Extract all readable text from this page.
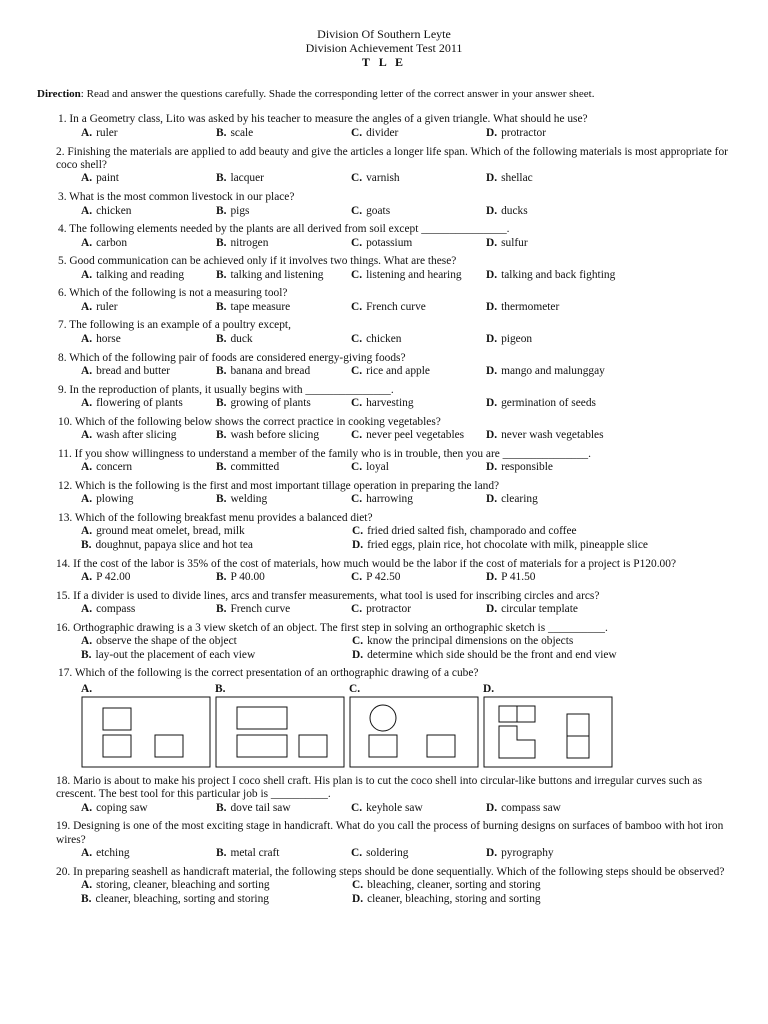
Division Of Southern Leyte
Division Achievement Test 2011
T L E
Direction: Read and answer the questions carefully. Shade the corresponding letter of the correct answer in your answer sheet.
1. In a Geometry class, Lito was asked by his teacher to measure the angles of a given triangle. What should he use?
A. ruler	B. scale	C. divider	D. protractor
2. Finishing the materials are applied to add beauty and give the articles a longer life span. Which of the following materials is most appropriate for coco shell?
A. paint	B. lacquer	C. varnish	D. shellac
3. What is the most common livestock in our place?
A. chicken	B. pigs	C. goats	D. ducks
4. The following elements needed by the plants are all derived from soil except _______________.
A. carbon	B. nitrogen	C. potassium	D. sulfur
5. Good communication can be achieved only if it involves two things. What are these?
A. talking and reading	B. talking and listening	C. listening and hearing	D. talking and back fighting
6. Which of the following is not a measuring tool?
A. ruler	B. tape measure	C. French curve	D. thermometer
7. The following is an example of a poultry except,
A. horse	B. duck	C. chicken	D. pigeon
8. Which of the following pair of foods are considered energy-giving foods?
A. bread and butter	B. banana and bread	C. rice and apple	D. mango and malunggay
9. In the reproduction of plants, it usually begins with _______________.
A. flowering of plants	B. growing of plants	C. harvesting	D. germination of seeds
10. Which of the following below shows the correct practice in cooking vegetables?
A. wash after slicing	B. wash before slicing	C. never peel vegetables	D. never wash vegetables
11. If you show willingness to understand a member of the family who is in trouble, then you are _______________.
A. concern	B. committed	C. loyal	D. responsible
12. Which is the following is the first and most important tillage operation in preparing the land?
A. plowing	B. welding	C. harrowing	D. clearing
13. Which of the following breakfast menu provides a balanced diet?
A. ground meat omelet, bread, milk	C. fried dried salted fish, champorado and coffee
B. doughnut, papaya slice and hot tea	D. fried eggs, plain rice, hot chocolate with milk, pineapple slice
14. If the cost of the labor is 35% of the cost of materials, how much would be the labor if the cost of materials for a project is P120.00?
A. P 42.00	B. P 40.00	C. P 42.50	D. P 41.50
15. If a divider is used to divide lines, arcs and transfer measurements, what tool is used for inscribing circles and arcs?
A. compass	B. French curve	C. protractor	D. circular template
16. Orthographic drawing is a 3 view sketch of an object. The first step in solving an orthographic sketch is __________.
A. observe the shape of the object	C. know the principal dimensions on the objects
B. lay-out the placement of each view	D. determine which side should be the front and end view
17. Which of the following is the correct presentation of an orthographic drawing of a cube?
A.	B.	C.	D.
18. Mario is about to make his project I coco shell craft. His plan is to cut the coco shell into circular-like buttons and irregular curves such as crescent. The best tool for this particular job is __________.
A. coping saw	B. dove tail saw	C. keyhole saw	D. compass saw
19. Designing is one of the most exciting stage in handicraft. What do you call the process of burning designs on surfaces of bamboo with hot iron wires?
A. etching	B. metal craft	C. soldering	D. pyrography
20. In preparing seashell as handicraft material, the following steps should be done sequentially. Which of the following steps should be observed?
A. storing, cleaner, bleaching and sorting	C. bleaching, cleaner, sorting and storing
B. cleaner, bleaching, sorting and storing	D. cleaner, bleaching, storing and sorting
